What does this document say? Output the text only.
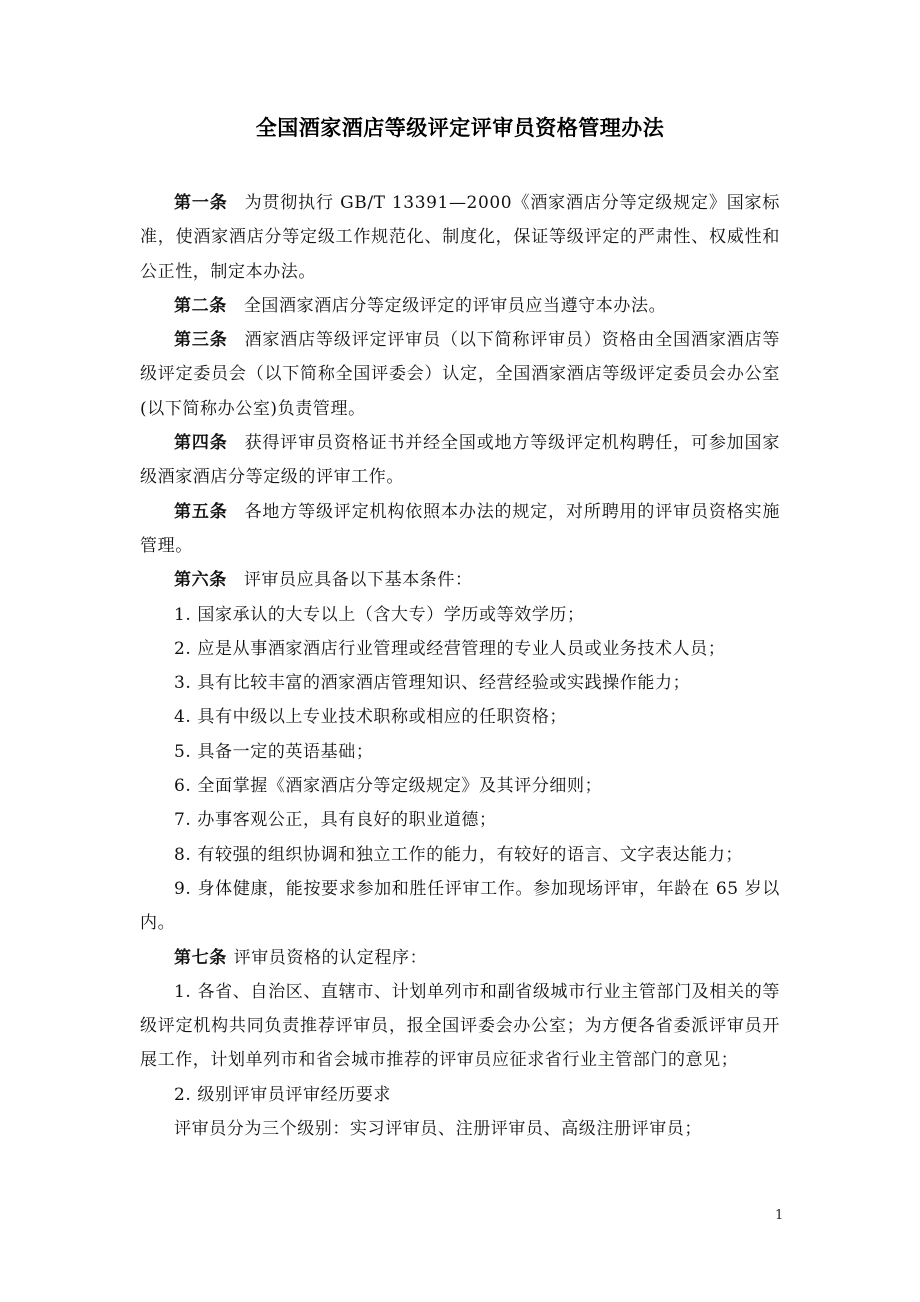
全国酒家酒店等级评定评审员资格管理办法

第一条 为贯彻执行 GB/T 13391—2000《酒家酒店分等定级规定》国家标准，使酒家酒店分等定级工作规范化、制度化，保证等级评定的严肃性、权威性和公正性，制定本办法。

第二条 全国酒家酒店分等定级评定的评审员应当遵守本办法。

第三条 酒家酒店等级评定评审员（以下简称评审员）资格由全国酒家酒店等级评定委员会（以下简称全国评委会）认定，全国酒家酒店等级评定委员会办公室(以下简称办公室)负责管理。

第四条 获得评审员资格证书并经全国或地方等级评定机构聘任，可参加国家级酒家酒店分等定级的评审工作。

第五条 各地方等级评定机构依照本办法的规定，对所聘用的评审员资格实施管理。

第六条 评审员应具备以下基本条件：

1. 国家承认的大专以上（含大专）学历或等效学历；

2. 应是从事酒家酒店行业管理或经营管理的专业人员或业务技术人员；

3. 具有比较丰富的酒家酒店管理知识、经营经验或实践操作能力；

4. 具有中级以上专业技术职称或相应的任职资格；

5. 具备一定的英语基础；

6. 全面掌握《酒家酒店分等定级规定》及其评分细则；

7. 办事客观公正，具有良好的职业道德；

8. 有较强的组织协调和独立工作的能力，有较好的语言、文字表达能力；

9. 身体健康，能按要求参加和胜任评审工作。参加现场评审，年龄在 65 岁以内。

第七条 评审员资格的认定程序：

1. 各省、自治区、直辖市、计划单列市和副省级城市行业主管部门及相关的等级评定机构共同负责推荐评审员，报全国评委会办公室；为方便各省委派评审员开展工作，计划单列市和省会城市推荐的评审员应征求省行业主管部门的意见；

2. 级别评审员评审经历要求

评审员分为三个级别：实习评审员、注册评审员、高级注册评审员；

1
